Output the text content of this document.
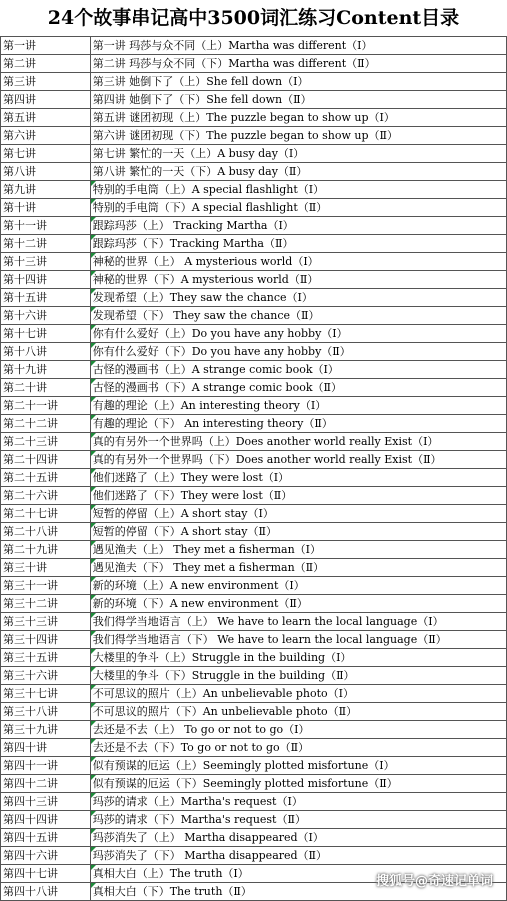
24个故事串记高中3500词汇练习Content目录
第一讲	第一讲 玛莎与众不同（上）Martha was different（Ⅰ）
第二讲	第二讲 玛莎与众不同（下）Martha was different（Ⅱ）
第三讲	第三讲 她倒下了（上）She fell down（Ⅰ）
第四讲	第四讲 她倒下了（下）She fell down（Ⅱ）
第五讲	第五讲 谜团初现（上）The puzzle began to show up（Ⅰ）
第六讲	第六讲 谜团初现（下）The puzzle began to show up（Ⅱ）
第七讲	第七讲 繁忙的一天（上）A busy day（Ⅰ）
第八讲	第八讲 繁忙的一天（下）A busy day（Ⅱ）
第九讲	特别的手电筒（上）A special flashlight（Ⅰ）

第十讲	特别的手电筒（下）A special flashlight（Ⅱ）

第十一讲	跟踪玛莎（上） Tracking Martha（Ⅰ）

第十二讲	跟踪玛莎（下）Tracking Martha（Ⅱ）

第十三讲	神秘的世界（上） A mysterious world（Ⅰ）

第十四讲	神秘的世界（下）A mysterious world（Ⅱ）

第十五讲	发现希望（上）They saw the chance（Ⅰ）

第十六讲	发现希望（下） They saw the chance（Ⅱ）

第十七讲	你有什么爱好（上）Do you have any hobby（Ⅰ）

第十八讲	你有什么爱好（下）Do you have any hobby（Ⅱ）

第十九讲	古怪的漫画书（上）A strange comic book（Ⅰ）

第二十讲	古怪的漫画书（下）A strange comic book（Ⅱ）

第二十一讲	有趣的理论（上）An interesting theory（Ⅰ）

第二十二讲	有趣的理论（下） An interesting theory（Ⅱ）

第二十三讲	真的有另外一个世界吗（上）Does another world really Exist（Ⅰ）

第二十四讲	真的有另外一个世界吗（下）Does another world really Exist（Ⅱ）

第二十五讲	他们迷路了（上）They were lost（Ⅰ）

第二十六讲	他们迷路了（下）They were lost（Ⅱ）

第二十七讲	短暂的停留（上）A short stay（Ⅰ）

第二十八讲	短暂的停留（下）A short stay（Ⅱ）

第二十九讲	遇见渔夫（上） They met a fisherman（Ⅰ）

第三十讲	遇见渔夫（下） They met a fisherman（Ⅱ）

第三十一讲	新的环境（上）A new environment（Ⅰ）

第三十二讲	新的环境（下）A new environment（Ⅱ）

第三十三讲	我们得学当地语言（上） We have to learn the local language（Ⅰ）

第三十四讲	我们得学当地语言（下） We have to learn the local language（Ⅱ）

第三十五讲	大楼里的争斗（上）Struggle in the building（Ⅰ）

第三十六讲	大楼里的争斗（下）Struggle in the building（Ⅱ）

第三十七讲	不可思议的照片（上）An unbelievable photo（Ⅰ）

第三十八讲	不可思议的照片（下）An unbelievable photo（Ⅱ）

第三十九讲	去还是不去（上） To go or not to go（Ⅰ）

第四十讲	去还是不去（下）To go or not to go（Ⅱ）

第四十一讲	似有预谋的厄运（上）Seemingly plotted misfortune（Ⅰ）

第四十二讲	似有预谋的厄运（下）Seemingly plotted misfortune（Ⅱ）

第四十三讲	玛莎的请求（上）Martha's request（Ⅰ）

第四十四讲	玛莎的请求（下）Martha's request（Ⅱ）

第四十五讲	玛莎消失了（上） Martha disappeared（Ⅰ）

第四十六讲	玛莎消失了（下） Martha disappeared（Ⅱ）

第四十七讲	真相大白（上）The truth（Ⅰ）

第四十八讲	真相大白（下）The truth（Ⅱ）
搜狐号@奇速记单词
